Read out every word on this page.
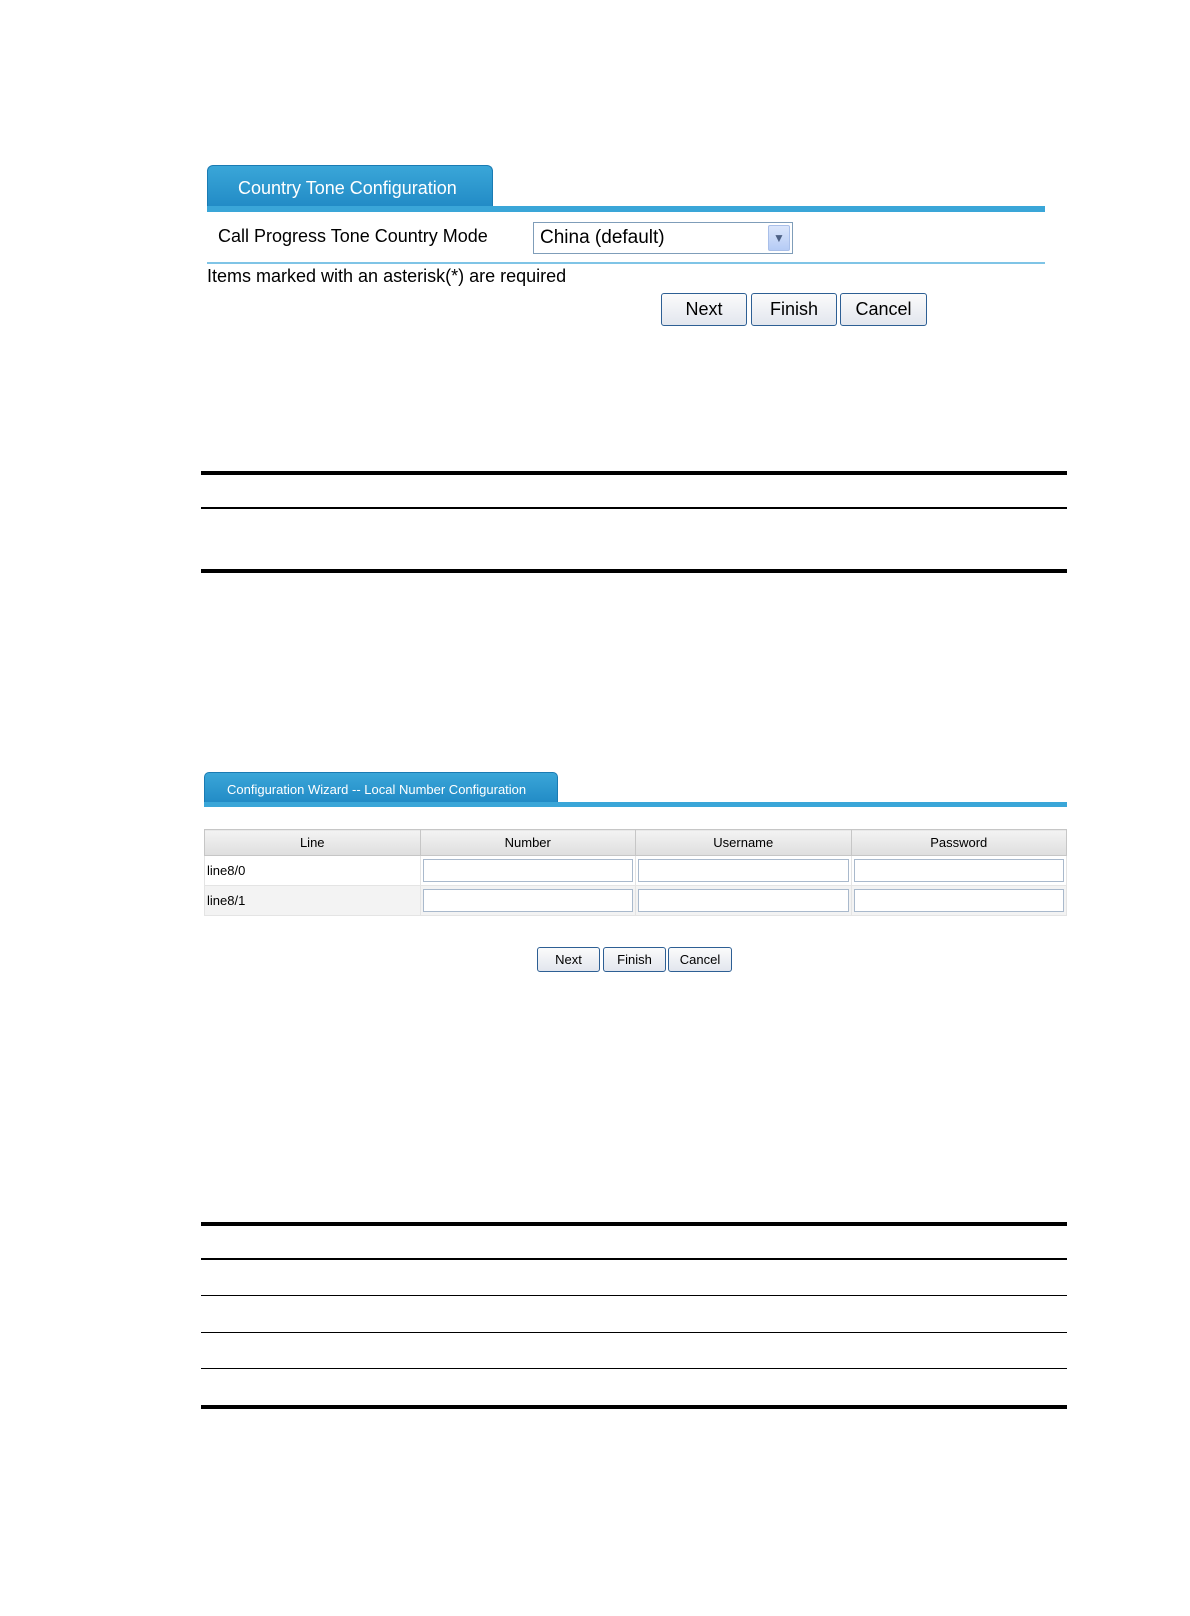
Country Tone Configuration
Call Progress Tone Country Mode	China (default)	▼
Items marked with an asterisk(*) are required
Next	Finish	Cancel
Configuration Wizard -- Local Number Configuration
Line	Number	Username	Password
line8/0			
line8/1			
Next	Finish	Cancel
